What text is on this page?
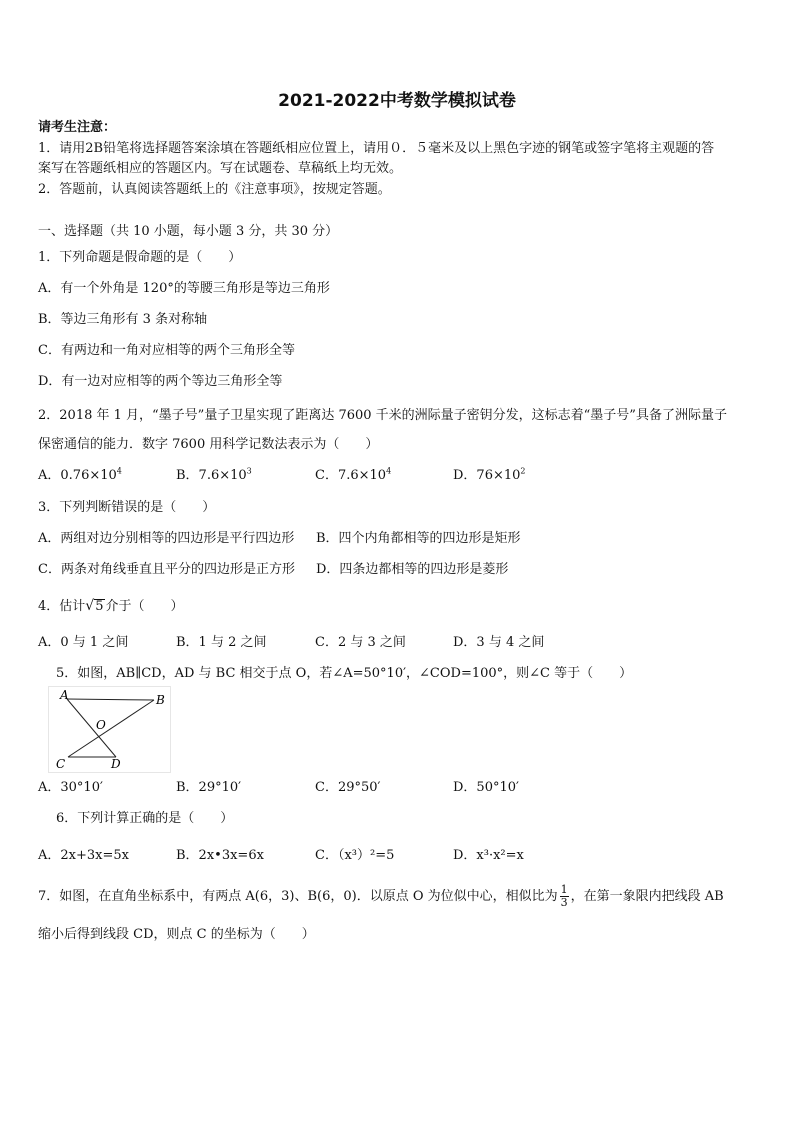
2021-2022中考数学模拟试卷
请考生注意：
1．请用2B铅笔将选择题答案涂填在答题纸相应位置上，请用０．５毫米及以上黑色字迹的钢笔或签字笔将主观题的答
案写在答题纸相应的答题区内。写在试题卷、草稿纸上均无效。
2．答题前，认真阅读答题纸上的《注意事项》，按规定答题。
一、选择题（共 10 小题，每小题 3 分，共 30 分）
1．下列命题是假命题的是（　　）
A．有一个外角是 120°的等腰三角形是等边三角形
B．等边三角形有 3 条对称轴
C．有两边和一角对应相等的两个三角形全等
D．有一边对应相等的两个等边三角形全等
2．2018 年 1 月，“墨子号”量子卫星实现了距离达 7600 千米的洲际量子密钥分发，这标志着“墨子号”具备了洲际量子
保密通信的能力．数字 7600 用科学记数法表示为（　　）
A．$0.76\times 10^4$	B．$7.6\times 10^3$	C．$7.6\times 10^4$	D．$76\times 10^2$
3．下列判断错误的是（　　）
A．两组对边分别相等的四边形是平行四边形 B．四个内角都相等的四边形是矩形
C．两条对角线垂直且平分的四边形是正方形 D．四条边都相等的四边形是菱形
4．估计√5 介于（　　）
A．0 与 1 之间	B．1 与 2 之间	C．2 与 3 之间	D．3 与 4 之间
5．如图，AB∥CD，AD 与 BC 相交于点 O，若∠A=50°10′，∠COD=100°，则∠C 等于（　　）
A	B
O
C	D
A．30°10′	B．29°10′	C．29°50′	D．50°10′
6．下列计算正确的是（　　）
A．2x+3x=5x	B．2x•3x=6x	C．（x³）²=5	D．x³·x²=x
7．如图，在直角坐标系中，有两点 A(6，3)、B(6，0)．以原点 O 为位似中心，相似比为 $\frac{1}{3}$ ，在第一象限内把线段 AB
缩小后得到线段 CD，则点 C 的坐标为（　　）
